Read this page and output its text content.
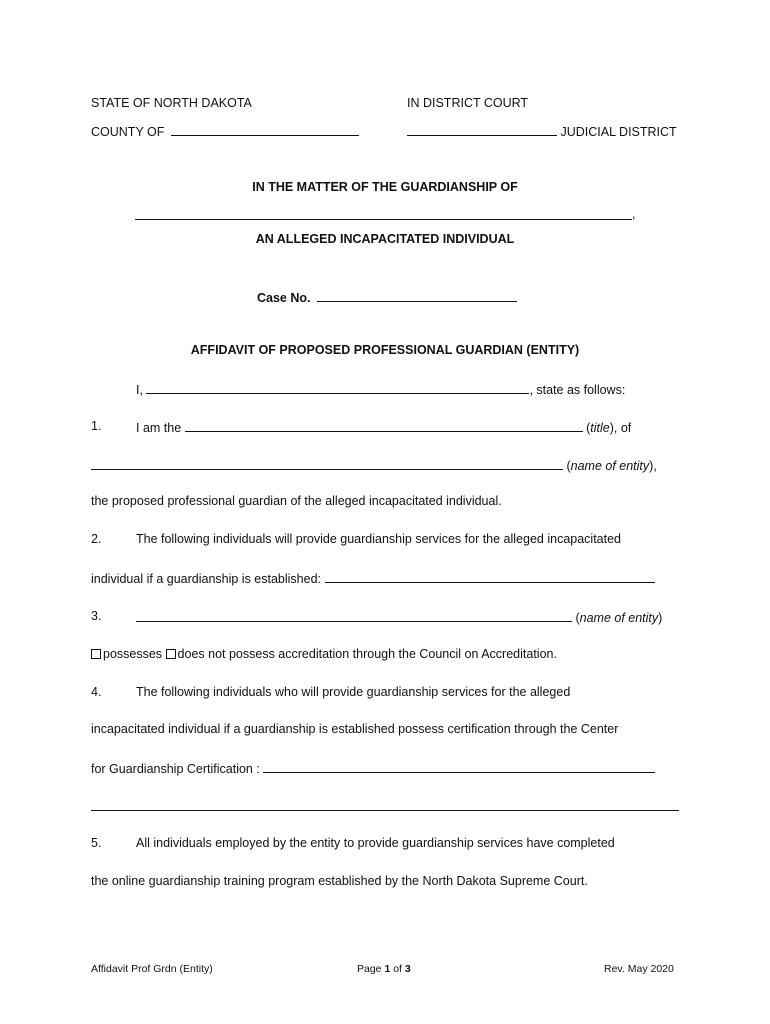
STATE OF NORTH DAKOTA	IN DISTRICT COURT
COUNTY OF	JUDICIAL DISTRICT
IN THE MATTER OF THE GUARDIANSHIP OF
,
AN ALLEGED INCAPACITATED INDIVIDUAL
Case No.
AFFIDAVIT OF PROPOSED PROFESSIONAL GUARDIAN (ENTITY)
I,	, state as follows:
1.	I am the	(title), of
(name of entity),
the proposed professional guardian of the alleged incapacitated individual.
2.	The following individuals will provide guardianship services for the alleged incapacitated
individual if a guardianship is established:
3.	(name of entity)
possesses does not possess accreditation through the Council on Accreditation.
4.	The following individuals who will provide guardianship services for the alleged
incapacitated individual if a guardianship is established possess certification through the Center
for Guardianship Certification :
5.	All individuals employed by the entity to provide guardianship services have completed
the online guardianship training program established by the North Dakota Supreme Court.
Affidavit Prof Grdn (Entity)	Page 1 of 3	Rev. May 2020
